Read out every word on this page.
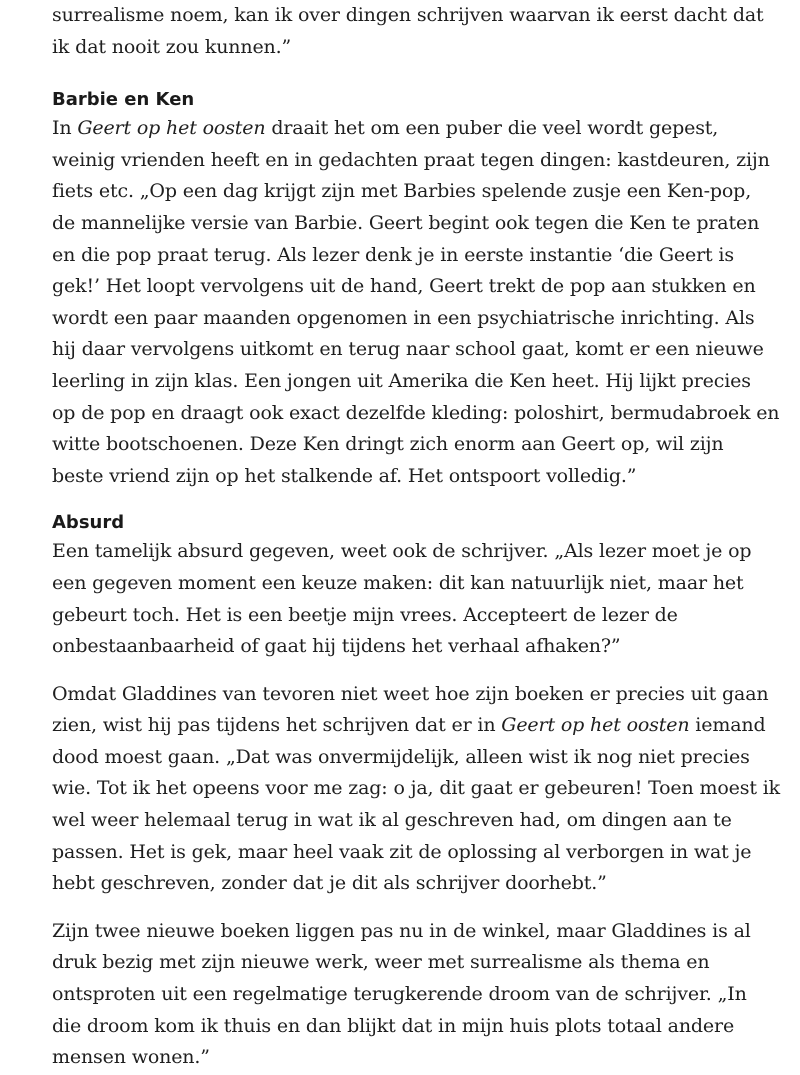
surrealisme noem, kan ik over dingen schrijven waarvan ik eerst dacht dat ik dat nooit zou kunnen.”

Barbie en Ken

In Geert op het oosten draait het om een puber die veel wordt gepest, weinig vrienden heeft en in gedachten praat tegen dingen: kastdeuren, zijn fiets etc. „Op een dag krijgt zijn met Barbies spelende zusje een Ken-pop, de mannelijke versie van Barbie. Geert begint ook tegen die Ken te praten en die pop praat terug. Als lezer denk je in eerste instantie ‘die Geert is gek!’ Het loopt vervolgens uit de hand, Geert trekt de pop aan stukken en wordt een paar maanden opgenomen in een psychiatrische inrichting. Als hij daar vervolgens uitkomt en terug naar school gaat, komt er een nieuwe leerling in zijn klas. Een jongen uit Amerika die Ken heet. Hij lijkt precies op de pop en draagt ook exact dezelfde kleding: poloshirt, bermudabroek en witte bootschoenen. Deze Ken dringt zich enorm aan Geert op, wil zijn beste vriend zijn op het stalkende af. Het ontspoort volledig.”

Absurd

Een tamelijk absurd gegeven, weet ook de schrijver. „Als lezer moet je op een gegeven moment een keuze maken: dit kan natuurlijk niet, maar het gebeurt toch. Het is een beetje mijn vrees. Accepteert de lezer de onbestaanbaarheid of gaat hij tijdens het verhaal afhaken?”

Omdat Gladdines van tevoren niet weet hoe zijn boeken er precies uit gaan zien, wist hij pas tijdens het schrijven dat er in Geert op het oosten iemand dood moest gaan. „Dat was onvermijdelijk, alleen wist ik nog niet precies wie. Tot ik het opeens voor me zag: o ja, dit gaat er gebeuren! Toen moest ik wel weer helemaal terug in wat ik al geschreven had, om dingen aan te passen. Het is gek, maar heel vaak zit de oplossing al verborgen in wat je hebt geschreven, zonder dat je dit als schrijver doorhebt.”

Zijn twee nieuwe boeken liggen pas nu in de winkel, maar Gladdines is al druk bezig met zijn nieuwe werk, weer met surrealisme als thema en ontsproten uit een regelmatige terugkerende droom van de schrijver. „In die droom kom ik thuis en dan blijkt dat in mijn huis plots totaal andere mensen wonen.”
